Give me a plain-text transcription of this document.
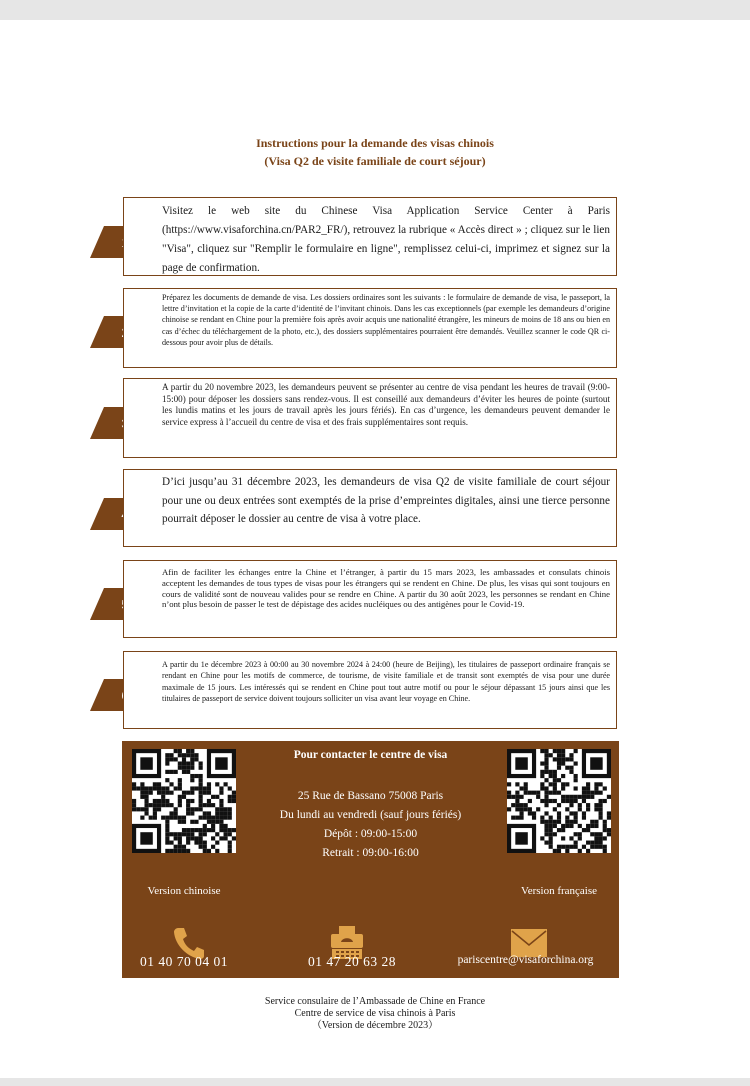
Instructions pour la demande des visas chinois
(Visa Q2 de visite familiale de court séjour)

Visitez le web site du Chinese Visa Application Service Center à Paris (https://www.visaforchina.cn/PAR2_FR/), retrouvez la rubrique « Accès direct » ; cliquez sur le lien "Visa", cliquez sur "Remplir le formulaire en ligne", remplissez celui-ci, imprimez et signez sur la page de confirmation.

Préparez les documents de demande de visa. Les dossiers ordinaires sont les suivants : le formulaire de demande de visa, le passeport, la lettre d’invitation et la copie de la carte d’identité de l’invitant chinois. Dans les cas exceptionnels (par exemple les demandeurs d’origine chinoise se rendant en Chine pour la première fois après avoir acquis une nationalité étrangère, les mineurs de moins de 18 ans ou bien en cas d’échec du téléchargement de la photo, etc.), des dossiers supplémentaires pourraient être demandés. Veuillez scanner le code QR ci-dessous pour avoir plus de détails.

A partir du 20 novembre 2023, les demandeurs peuvent se présenter au centre de visa pendant les heures de travail (9:00-15:00) pour déposer les dossiers sans rendez-vous. Il est conseillé aux demandeurs d’éviter les heures de pointe (surtout les lundis matins et les jours de travail après les jours fériés). En cas d’urgence, les demandeurs peuvent demander le service express à l’accueil du centre de visa et des frais supplémentaires sont requis.

D’ici jusqu’au 31 décembre 2023, les demandeurs de visa Q2 de visite familiale de court séjour pour une ou deux entrées sont exemptés de la prise d’empreintes digitales, ainsi une tierce personne pourrait déposer le dossier au centre de visa à votre place.

Afin de faciliter les échanges entre la Chine et l’étranger, à partir du 15 mars 2023, les ambassades et consulats chinois acceptent les demandes de tous types de visas pour les étrangers qui se rendent en Chine. De plus, les visas qui sont toujours en cours de validité sont de nouveau valides pour se rendre en Chine. A partir du 30 août 2023, les personnes se rendant en Chine n’ont plus besoin de passer le test de dépistage des acides nucléiques ou des antigènes pour le Covid-19.

A partir du 1e décembre 2023 à 00:00 au 30 novembre 2024 à 24:00 (heure de Beijing), les titulaires de passeport ordinaire français se rendant en Chine pour les motifs de commerce, de tourisme, de visite familiale et de transit sont exemptés de visa pour une durée maximale de 15 jours. Les intéressés qui se rendent en Chine pout tout autre motif ou pour le séjour dépassant 15 jours ainsi que les titulaires de passeport de service doivent toujours solliciter un visa avant leur voyage en Chine.

Pour contacter le centre de visa
25 Rue de Bassano 75008 Paris
Du lundi au vendredi (sauf jours fériés)
Dépôt : 09:00-15:00
Retrait : 09:00-16:00
Version chinoise	Version française
01 40 70 04 01	01 47 20 63 28	pariscentre@visaforchina.org
Service consulaire de l’Ambassade de Chine en France
Centre de service de visa chinois à Paris
（Version de décembre 2023）
